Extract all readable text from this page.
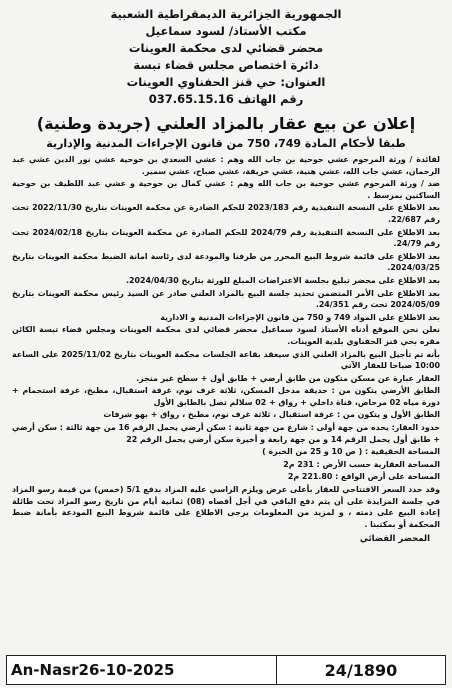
الجمهورية الجزائرية الديمقراطية الشعبية
مكتب الأستاذ/ لسود سماعيل
محضر قضائي لدى محكمة العوينات
دائرة اختصاص مجلس قضاء تبسة
العنوان: حي قنز الحفناوي العوينات
رقم الهاتف 037.65.15.16
إعلان عن بيع عقار بالمزاد العلني (جريدة وطنية)
طبقا لأحكام المادة 749، 750 من قانون الإجراءات المدنية والإدارية

لفائدة / ورثة المرحوم عشي حوحية بن جاب الله وهم : عشي السعدي بن حوحية عشي نور الدين عشي عبد الرحمان، عشي جاب الله، عشي هنية، عشي خريفة، عشي صباح، عشي سمير.

ضد / ورثة المرحوم عشي حوحية بن جاب الله وهم : عشي كمال بن حوحية و عشي عبد اللطيف بن حوحية الساكنين بمرسط .

بعد الاطلاع على النسخة التنفيذية رقم 2023/183 للحكم الصادرة عن محكمة العوينات بتاريخ 2022/11/30 تحت رقم 22/687.

بعد الاطلاع على النسخة التنفيذية رقم 2024/79 للحكم الصادرة عن محكمة العوينات بتاريخ 2024/02/18 تحت رقم 24/79.

بعد الاطلاع على قائمة شروط البيع المحرر من طرفنا والمودعة لدى رئاسة امانة الضبط محكمة العوينات بتاريخ 2024/03/25.

بعد الاطلاع على محضر تبليغ بجلسة الاعتراضات المبلغ للورثة بتاريخ 2024/04/30.

بعد الاطلاع على الأمر المتضمن تحديد جلسة البيع بالمزاد العلني صادر عن السيد رئيس محكمة العوينات بتاريخ 2024/05/09 تحت رقم 24/351.

بعد الاطلاع على المواد 749 و 750 من قانون الإجراءات المدنية و الادارية

نعلن نحن الموقع أدناه الأستاذ لسود سماعيل محضر قضائي لدى محكمة العوينات ومجلس قضاء تبسة الكائن مقره بحي قنز الحفناوي بلدية العوينات.

بأنه تم تأجيل البيع بالمزاد العلني الذي سيعقد بقاعة الجلسات محكمة العوينات بتاريخ 2025/11/02 على الساعة 10:00 صباحا للعقار الآتي

العقار عبارة عن مسكن متكون من طابق أرضي + طابق أول + سطح غير منجز.

الطابق الأرضي يتكون من : حديقة مدخل المسكن، ثلاثة غرف نوم، غرفة استقبال، مطبخ، غرفة استحمام + دورة مياه 02 مرحاض، قناة داخلي + رواق + 02 سلالم تصل بالطابق الأول

الطابق الأول و يتكون من : غرفة استقبال ، ثلاثة غرف نوم، مطبخ ، رواق + بهو شرفات

حدود العقار: يحده من جهة أولى : شارع من جهة ثانية : سكن أرضي يحمل الرقم 16 من جهة ثالثة : سكن أرضي + طابق أول يحمل الرقم 14 و من جهة رابعة و أخيرة سكن أرضي يحمل الرقم 22

المساحة الحقيقية : ( ص 10 و 25 من الخبرة )

المساحة العقارية حسب الأرض : 231 م2

المساحة على أرض الواقع : 221.80 م2

وقد حدد السعر الافتتاحي للعقار بأعلى عرض ويلزم الراسي عليه المزاد بدفع 5/1 (خمس) من قيمة رسو المزاد في جلسة المزايدة على أن يتم دفع الباقي في أجل أقصاه (08) ثمانية أيام من تاريخ رسو المزاد تحت طائلة إعادة البيع على ذمته ، و لمزيد من المعلومات يرجى الاطلاع على قائمة شروط البيع المودعة بأمانة ضبط المحكمة أو بمكتبنا .

المحضر القضائي
An-Nasr26-10-2025	24/1890
